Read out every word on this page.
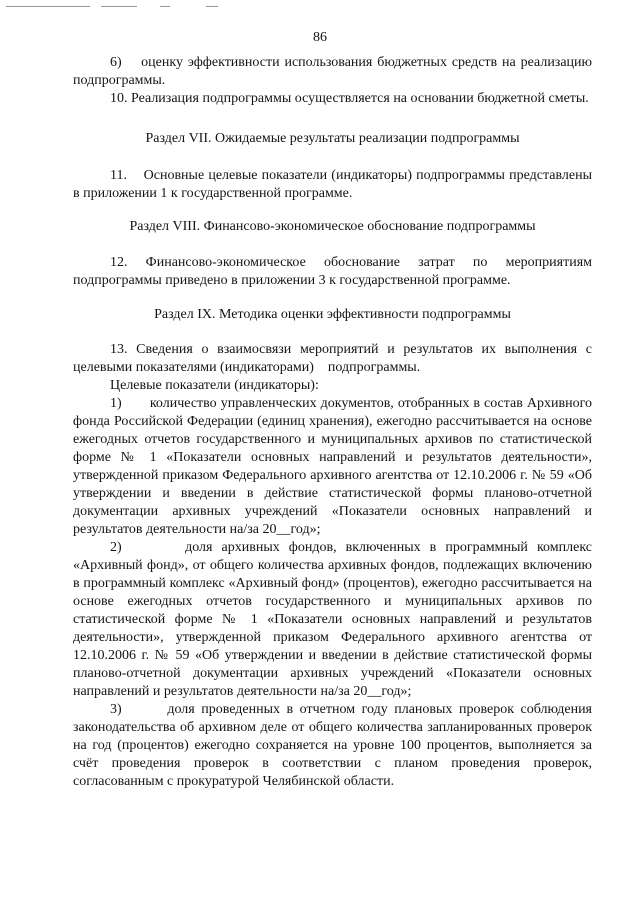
86

6)    оценку эффективности использования бюджетных средств на реализацию подпрограммы.

10. Реализация подпрограммы осуществляется на основании бюджетной сметы.

Раздел VII. Ожидаемые результаты реализации подпрограммы

11.    Основные целевые показатели (индикаторы) подпрограммы представлены в приложении 1 к государственной программе.

Раздел VIII. Финансово-экономическое обоснование подпрограммы

12. Финансово-экономическое обоснование затрат по мероприятиям подпрограммы приведено в приложении 3 к государственной программе.

Раздел IX. Методика оценки эффективности подпрограммы

13. Сведения о взаимосвязи мероприятий и результатов их выполнения с целевыми показателями (индикаторами)    подпрограммы.

Целевые показатели (индикаторы):

1)       количество управленческих документов, отобранных в состав Архивного фонда Российской Федерации (единиц хранения), ежегодно рассчитывается на основе ежегодных отчетов государственного и муниципальных архивов по статистической форме № 1 «Показатели основных направлений и результатов деятельности», утвержденной приказом Федерального архивного агентства от 12.10.2006 г. № 59 «Об утверждении и введении в действие статистической формы планово-отчетной документации архивных учреждений «Показатели основных направлений и результатов деятельности на/за 20__год»;

2)       доля архивных фондов, включенных в программный комплекс «Архивный фонд», от общего количества архивных фондов, подлежащих включению в программный комплекс «Архивный фонд» (процентов), ежегодно рассчитывается на основе ежегодных отчетов государственного и муниципальных архивов по статистической форме № 1 «Показатели основных направлений и результатов деятельности», утвержденной приказом Федерального архивного агентства от 12.10.2006 г. № 59 «Об утверждении и введении в действие статистической формы планово-отчетной документации архивных учреждений «Показатели основных направлений и результатов деятельности на/за 20__год»;

3)       доля проведенных в отчетном году плановых проверок соблюдения законодательства об архивном деле от общего количества запланированных проверок на год (процентов) ежегодно сохраняется на уровне 100 процентов, выполняется за счёт проведения проверок в соответствии с планом проведения проверок, согласованным с прокуратурой Челябинской области.
